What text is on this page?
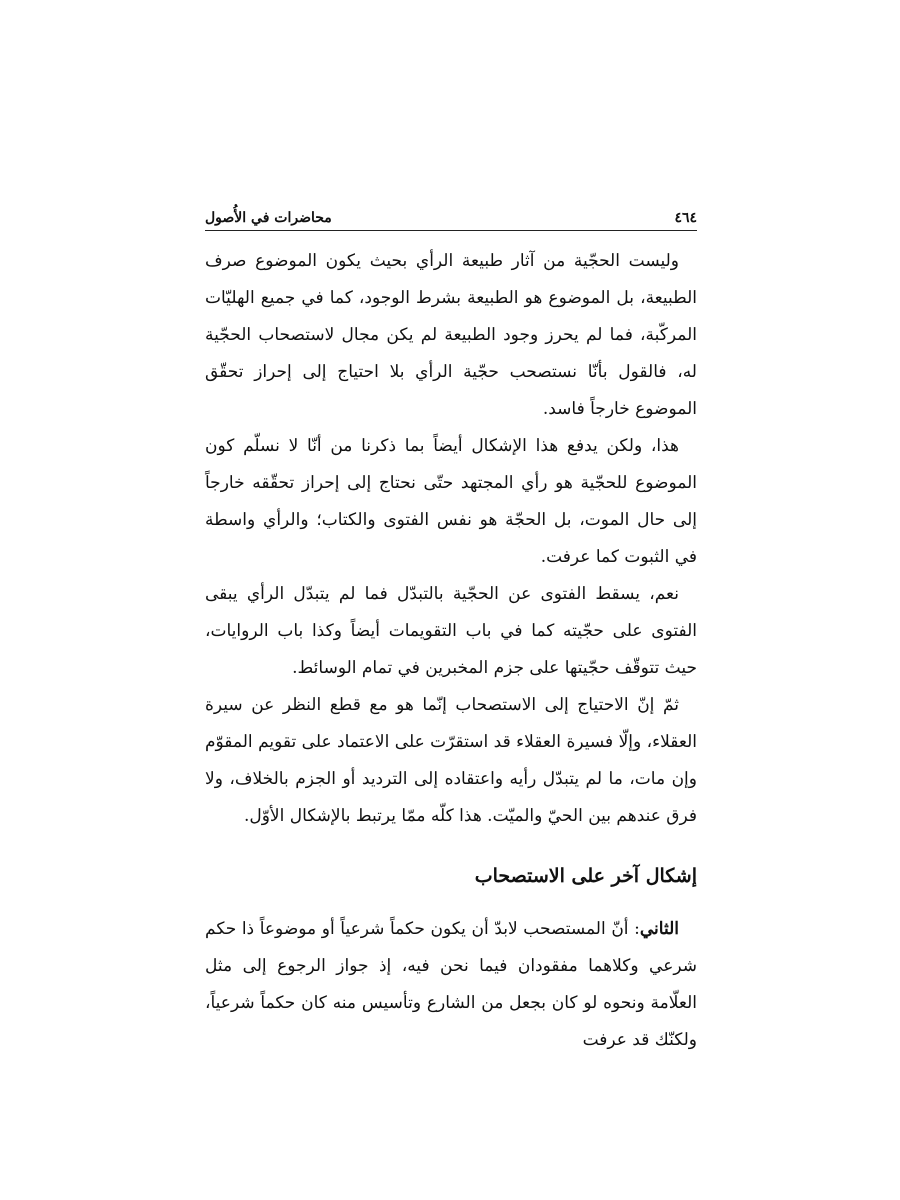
٤٦٤
محاضرات في الأُصول

وليست الحجّية من آثار طبيعة الرأي بحيث يكون الموضوع صرف الطبيعة، بل الموضوع هو الطبيعة بشرط الوجود، كما في جميع الهليّات المركّبة، فما لم يحرز وجود الطبيعة لم يكن مجال لاستصحاب الحجّية له، فالقول بأنّا نستصحب حجّية الرأي بلا احتياج إلى إحراز تحقّق الموضوع خارجاً فاسد.

هذا، ولكن يدفع هذا الإشكال أيضاً بما ذكرنا من أنّا لا نسلّم كون الموضوع للحجّية هو رأي المجتهد حتّى نحتاج إلى إحراز تحقّقه خارجاً إلى حال الموت، بل الحجّة هو نفس الفتوى والكتاب؛ والرأي واسطة في الثبوت كما عرفت.

نعم، يسقط الفتوى عن الحجّية بالتبدّل فما لم يتبدّل الرأي يبقى الفتوى على حجّيته كما في باب التقويمات أيضاً وكذا باب الروايات، حيث تتوقّف حجّيتها على جزم المخبرين في تمام الوسائط.

ثمّ إنّ الاحتياج إلى الاستصحاب إنّما هو مع قطع النظر عن سيرة العقلاء، وإلّا فسيرة العقلاء قد استقرّت على الاعتماد على تقويم المقوّم وإن مات، ما لم يتبدّل رأيه واعتقاده إلى الترديد أو الجزم بالخلاف، ولا فرق عندهم بين الحيّ والميّت. هذا كلّه ممّا يرتبط بالإشكال الأوّل.

إشكال آخر على الاستصحاب

الثاني: أنّ المستصحب لابدّ أن يكون حكماً شرعياً أو موضوعاً ذا حكم شرعي وكلاهما مفقودان فيما نحن فيه، إذ جواز الرجوع إلى مثل العلّامة ونحوه لو كان بجعل من الشارع وتأسيس منه كان حكماً شرعياً، ولكنّك قد عرفت
